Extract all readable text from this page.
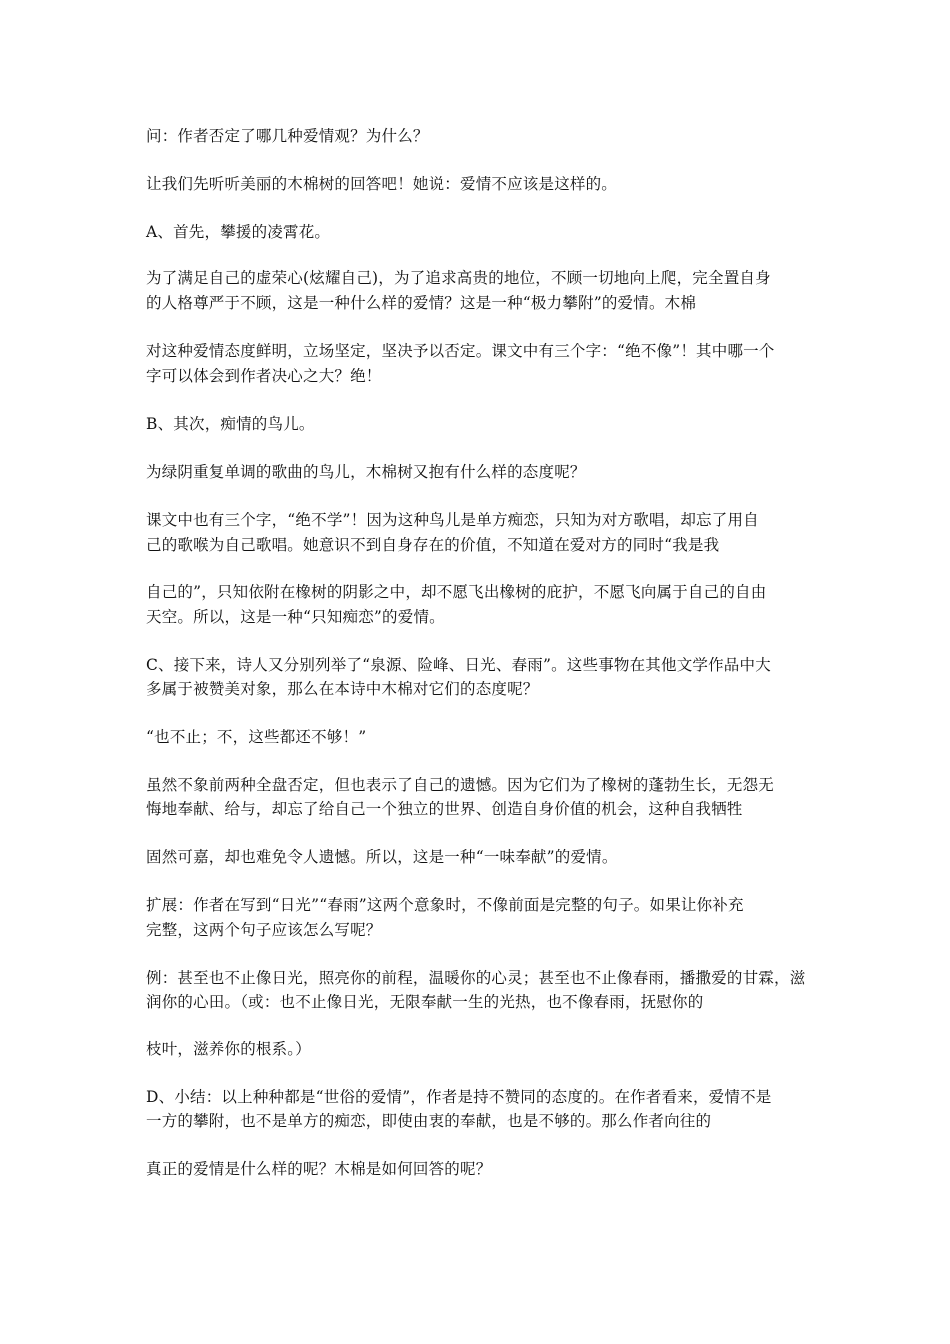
问：作者否定了哪几种爱情观？为什么？
让我们先听听美丽的木棉树的回答吧！她说：爱情不应该是这样的。
A、首先，攀援的凌霄花。
为了满足自己的虚荣心(炫耀自己)，为了追求高贵的地位，不顾一切地向上爬，完全置自身
的人格尊严于不顾，这是一种什么样的爱情？这是一种“极力攀附”的爱情。木棉
对这种爱情态度鲜明，立场坚定，坚决予以否定。课文中有三个字：“绝不像”！其中哪一个
字可以体会到作者决心之大？绝！
B、其次，痴情的鸟儿。
为绿阴重复单调的歌曲的鸟儿，木棉树又抱有什么样的态度呢？
课文中也有三个字，“绝不学”！因为这种鸟儿是单方痴恋，只知为对方歌唱，却忘了用自
己的歌喉为自己歌唱。她意识不到自身存在的价值，不知道在爱对方的同时“我是我
自己的”，只知依附在橡树的阴影之中，却不愿飞出橡树的庇护，不愿飞向属于自己的自由
天空。所以，这是一种“只知痴恋”的爱情。
C、接下来，诗人又分别列举了“泉源、险峰、日光、春雨”。这些事物在其他文学作品中大
多属于被赞美对象，那么在本诗中木棉对它们的态度呢？
“也不止；不，这些都还不够！”
虽然不象前两种全盘否定，但也表示了自己的遗憾。因为它们为了橡树的蓬勃生长，无怨无
悔地奉献、给与，却忘了给自己一个独立的世界、创造自身价值的机会，这种自我牺牲
固然可嘉，却也难免令人遗憾。所以，这是一种“一味奉献”的爱情。
扩展：作者在写到“日光”“春雨”这两个意象时，不像前面是完整的句子。如果让你补充
完整，这两个句子应该怎么写呢？
例：甚至也不止像日光，照亮你的前程，温暖你的心灵；甚至也不止像春雨，播撒爱的甘霖，滋
润你的心田。（或：也不止像日光，无限奉献一生的光热，也不像春雨，抚慰你的
枝叶，滋养你的根系。）
D、小结：以上种种都是“世俗的爱情”，作者是持不赞同的态度的。在作者看来，爱情不是
一方的攀附，也不是单方的痴恋，即使由衷的奉献，也是不够的。那么作者向往的
真正的爱情是什么样的呢？木棉是如何回答的呢？
